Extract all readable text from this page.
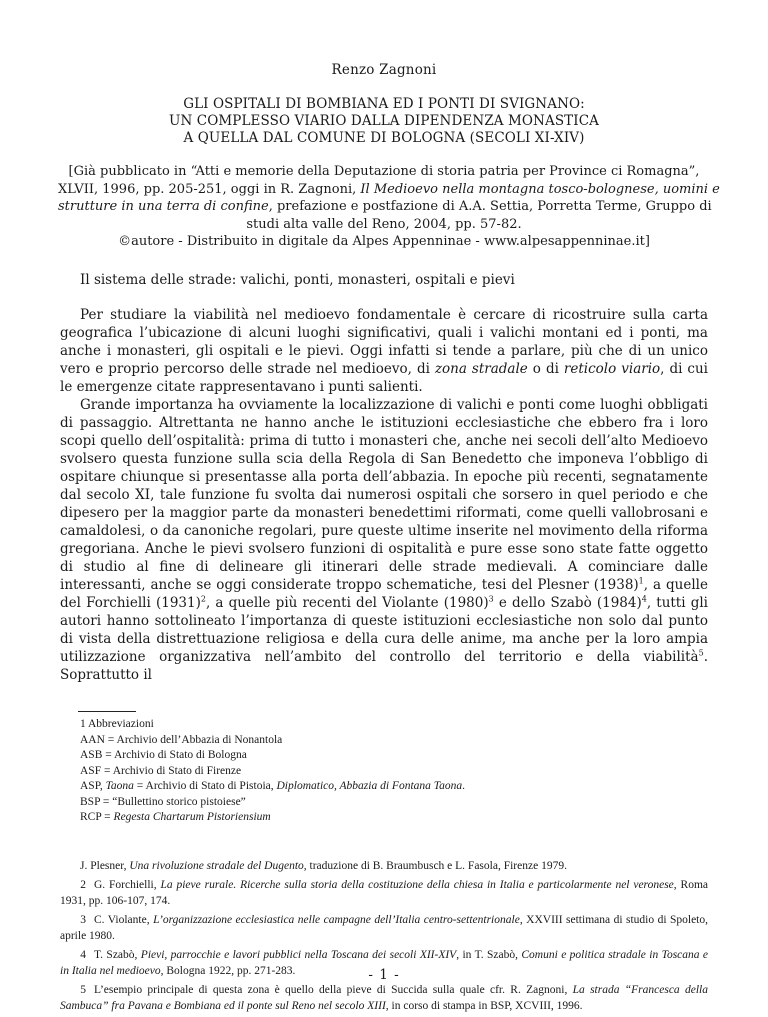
Renzo Zagnoni
GLI OSPITALI DI BOMBIANA ED I PONTI DI SVIGNANO:
UN COMPLESSO VIARIO DALLA DIPENDENZA MONASTICA
A QUELLA DAL COMUNE DI BOLOGNA (SECOLI XI-XIV)
[Già pubblicato in “Atti e memorie della Deputazione di storia patria per Province ci Romagna”,
XLVII, 1996, pp. 205-251, oggi in R. Zagnoni, Il Medioevo nella montagna tosco-bolognese, uomini e
strutture in una terra di confine, prefazione e postfazione di A.A. Settia, Porretta Terme, Gruppo di
studi alta valle del Reno, 2004, pp. 57-82.
©autore - Distribuito in digitale da Alpes Appenninae - www.alpesappenninae.it]
Il sistema delle strade: valichi, ponti, monasteri, ospitali e pievi

Per studiare la viabilità nel medioevo fondamentale è cercare di ricostruire sulla carta geografica l’ubicazione di alcuni luoghi significativi, quali i valichi montani ed i ponti, ma anche i monasteri, gli ospitali e le pievi. Oggi infatti si tende a parlare, più che di un unico vero e proprio percorso delle strade nel medioevo, di zona stradale o di reticolo viario, di cui le emergenze citate rappresentavano i punti salienti.

Grande importanza ha ovviamente la localizzazione di valichi e ponti come luoghi obbligati di passaggio. Altrettanta ne hanno anche le istituzioni ecclesiastiche che ebbero fra i loro scopi quello dell’ospitalità: prima di tutto i monasteri che, anche nei secoli dell’alto Medioevo svolsero questa funzione sulla scia della Regola di San Benedetto che imponeva l’obbligo di ospitare chiunque si presentasse alla porta dell’abbazia. In epoche più recenti, segnatamente dal secolo XI, tale funzione fu svolta dai numerosi ospitali che sorsero in quel periodo e che dipesero per la maggior parte da monasteri benedettimi riformati, come quelli vallobrosani e camaldolesi, o da canoniche regolari, pure queste ultime inserite nel movimento della riforma gregoriana. Anche le pievi svolsero funzioni di ospitalità e pure esse sono state fatte oggetto di studio al fine di delineare gli itinerari delle strade medievali. A cominciare dalle interessanti, anche se oggi considerate troppo schematiche, tesi del Plesner $(1938)^1$, a quelle del Forchielli $(1931)^2$, a quelle più recenti del Violante $(1980)^3$ e dello Szabò $(1984)^4$, tutti gli autori hanno sottolineato l’importanza di queste istituzioni ecclesiastiche non solo dal punto di vista della distrettuazione religiosa e della cura delle anime, ma anche per la loro ampia utilizzazione organizzativa nell’ambito del controllo del territorio e della viabilità$^5$. Soprattutto il

1 Abbreviazioni
AAN = Archivio dell’Abbazia di Nonantola
ASB = Archivio di Stato di Bologna
ASF = Archivio di Stato di Firenze
ASP, Taona = Archivio di Stato di Pistoia, Diplomatico, Abbazia di Fontana Taona.
BSP = “Bullettino storico pistoiese”
RCP = Regesta Chartarum Pistoriensium
J. Plesner, Una rivoluzione stradale del Dugento, traduzione di B. Braumbusch e L. Fasola, Firenze 1979.
2 G. Forchielli, La pieve rurale. Ricerche sulla storia della costituzione della chiesa in Italia e particolarmente nel veronese, Roma 1931, pp. 106-107, 174.
3 C. Violante, L’organizzazione ecclesiastica nelle campagne dell’Italia centro-settentrionale, XXVIII settimana di studio di Spoleto, aprile 1980.
4 T. Szabò, Pievi, parrocchie e lavori pubblici nella Toscana dei secoli XII-XIV, in T. Szabò, Comuni e politica stradale in Toscana e in Italia nel medioevo, Bologna 1922, pp. 271-283.
5 L’esempio principale di questa zona è quello della pieve di Succida sulla quale cfr. R. Zagnoni, La strada “Francesca della Sambuca” fra Pavana e Bombiana ed il ponte sul Reno nel secolo XIII, in corso di stampa in BSP, XCVIII, 1996.
- 1 -
